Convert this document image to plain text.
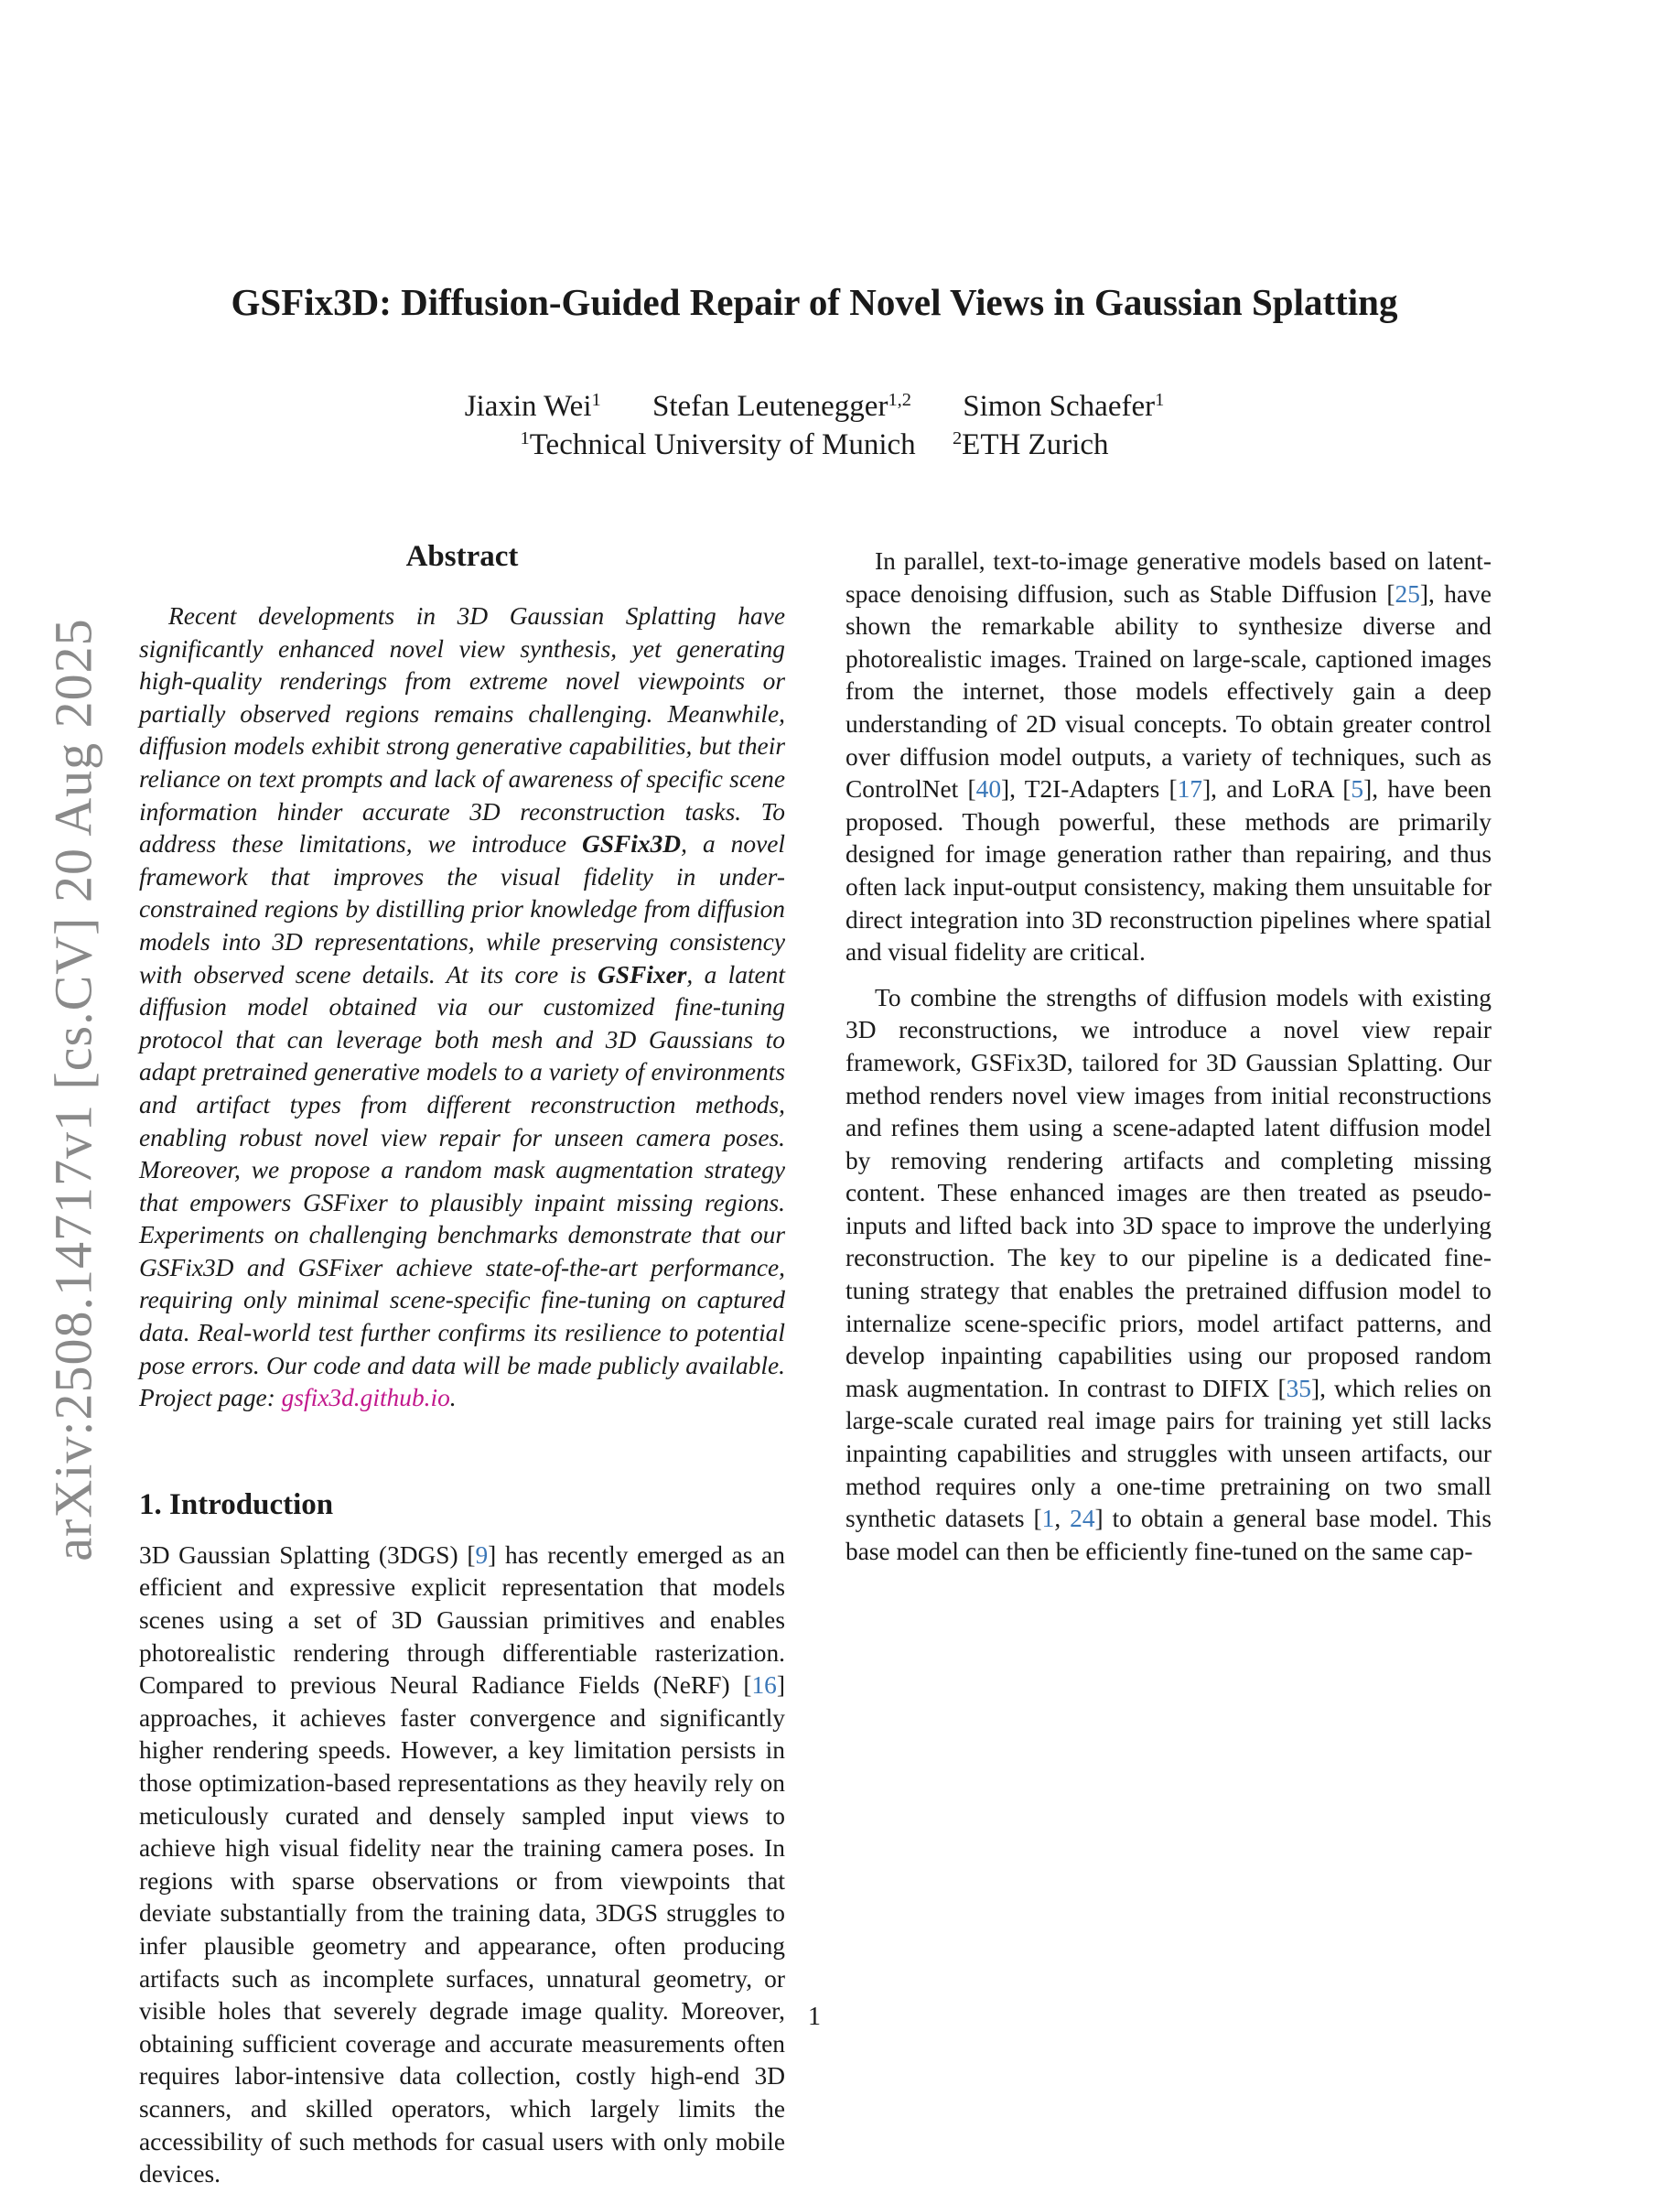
arXiv:2508.14717v1 [cs.CV] 20 Aug 2025
GSFix3D: Diffusion-Guided Repair of Novel Views in Gaussian Splatting
Jiaxin Wei$^1$ Stefan Leutenegger$^{1,2}$ Simon Schaefer$^1$
$^1$Technical University of Munich $^2$ETH Zurich
Abstract

Recent developments in 3D Gaussian Splatting have significantly enhanced novel view synthesis, yet generating high-quality renderings from extreme novel viewpoints or partially observed regions remains challenging. Meanwhile, diffusion models exhibit strong generative capabilities, but their reliance on text prompts and lack of awareness of specific scene information hinder accurate 3D reconstruction tasks. To address these limitations, we introduce GSFix3D, a novel framework that improves the visual fidelity in under-constrained regions by distilling prior knowledge from diffusion models into 3D representations, while preserving consistency with observed scene details. At its core is GSFixer, a latent diffusion model obtained via our customized fine-tuning protocol that can leverage both mesh and 3D Gaussians to adapt pretrained generative models to a variety of environments and artifact types from different reconstruction methods, enabling robust novel view repair for unseen camera poses. Moreover, we propose a random mask augmentation strategy that empowers GSFixer to plausibly inpaint missing regions. Experiments on challenging benchmarks demonstrate that our GSFix3D and GSFixer achieve state-of-the-art performance, requiring only minimal scene-specific fine-tuning on captured data. Real-world test further confirms its resilience to potential pose errors. Our code and data will be made publicly available. Project page: gsfix3d.github.io.

1. Introduction

3D Gaussian Splatting (3DGS) [9] has recently emerged as an efficient and expressive explicit representation that models scenes using a set of 3D Gaussian primitives and enables photorealistic rendering through differentiable rasterization. Compared to previous Neural Radiance Fields (NeRF) [16] approaches, it achieves faster convergence and significantly higher rendering speeds. However, a key limitation persists in those optimization-based representations as they heavily rely on meticulously curated and densely sampled input views to achieve high visual fidelity near the training camera poses. In regions with sparse observations or from viewpoints that deviate substantially from the training data, 3DGS struggles to infer plausible geometry and appearance, often producing artifacts such as incomplete surfaces, unnatural geometry, or visible holes that severely degrade image quality. Moreover, obtaining sufficient coverage and accurate measurements often requires labor-intensive data collection, costly high-end 3D scanners, and skilled operators, which largely limits the accessibility of such methods for casual users with only mobile devices.

In parallel, text-to-image generative models based on latent-space denoising diffusion, such as Stable Diffusion [25], have shown the remarkable ability to synthesize diverse and photorealistic images. Trained on large-scale, captioned images from the internet, those models effectively gain a deep understanding of 2D visual concepts. To obtain greater control over diffusion model outputs, a variety of techniques, such as ControlNet [40], T2I-Adapters [17], and LoRA [5], have been proposed. Though powerful, these methods are primarily designed for image generation rather than repairing, and thus often lack input-output consistency, making them unsuitable for direct integration into 3D reconstruction pipelines where spatial and visual fidelity are critical.

To combine the strengths of diffusion models with existing 3D reconstructions, we introduce a novel view repair framework, GSFix3D, tailored for 3D Gaussian Splatting. Our method renders novel view images from initial reconstructions and refines them using a scene-adapted latent diffusion model by removing rendering artifacts and completing missing content. These enhanced images are then treated as pseudo-inputs and lifted back into 3D space to improve the underlying reconstruction. The key to our pipeline is a dedicated fine-tuning strategy that enables the pretrained diffusion model to internalize scene-specific priors, model artifact patterns, and develop inpainting capabilities using our proposed random mask augmentation. In contrast to DIFIX [35], which relies on large-scale curated real image pairs for training yet still lacks inpainting capabilities and struggles with unseen artifacts, our method requires only a one-time pretraining on two small synthetic datasets [1, 24] to obtain a general base model. This base model can then be efficiently fine-tuned on the same cap-

1
